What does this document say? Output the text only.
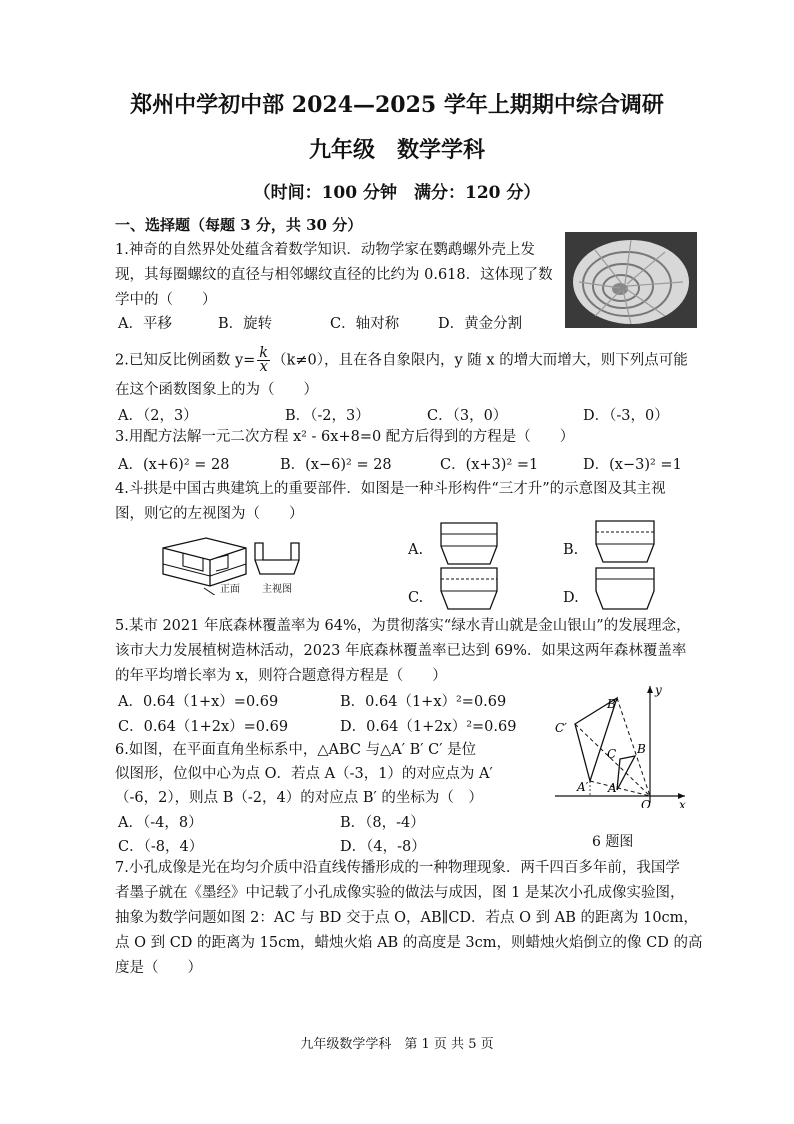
郑州中学初中部 2024—2025 学年上期期中综合调研
九年级　数学学科
（时间：100 分钟　满分：120 分）
一、选择题（每题 3 分，共 30 分）
1.神奇的自然界处处蕴含着数学知识．动物学家在鹦鹉螺外壳上发
现，其每圈螺纹的直径与相邻螺纹直径的比约为 0.618．这体现了数
学中的（　　）
A．平移	B．旋转	C．轴对称	D．黄金分割
2.已知反比例函数 $y= \frac{k}{x} (k\ne 0)$，且在各自象限内，y 随 x 的增大而增大，则下列点可能
在这个函数图象上的为（　　）
A．（2，3）	B．（-2，3）	C．（3，0）	D．（-3，0）
3.用配方法解一元二次方程 x² - 6x+8=0 配方后得到的方程是（　　）
A．(x+6)² = 28	B．(x−6)² = 28	C．(x+3)² =1	D．(x−3)² =1
4.斗拱是中国古典建筑上的重要部件．如图是一种斗形构件“三才升”的示意图及其主视
图，则它的左视图为（　　）
正面 主视图
A.	B.
C.	D.
5.某市 2021 年底森林覆盖率为 64%，为贯彻落实“绿水青山就是金山银山”的发展理念，
该市大力发展植树造林活动，2023 年底森林覆盖率已达到 69%．如果这两年森林覆盖率
的年平均增长率为 x，则符合题意得方程是（　　）
A．0.64（1+x）=0.69	B．0.64（1+x）²=0.69
C．0.64（1+2x）=0.69	D．0.64（1+2x）²=0.69
6.如图，在平面直角坐标系中，△ABC 与△A′ B′ C′ 是位
似图形，位似中心为点 O．若点 A（-3，1）的对应点为 A′
（-6，2），则点 B（-2，4）的对应点 B′ 的坐标为（　）
A．（-4，8）	B．（8，-4）
C．（-8，4）	D．（4，-8）
y
x
O
A
B
C
A′
B′
C′
6 题图
7.小孔成像是光在均匀介质中沿直线传播形成的一种物理现象．两千四百多年前，我国学
者墨子就在《墨经》中记载了小孔成像实验的做法与成因，图 1 是某次小孔成像实验图，
抽象为数学问题如图 2：AC 与 BD 交于点 O，AB∥CD．若点 O 到 AB 的距离为 10cm，
点 O 到 CD 的距离为 15cm，蜡烛火焰 AB 的高度是 3cm，则蜡烛火焰倒立的像 CD 的高
度是（　　）
九年级数学学科　第 1 页 共 5 页
